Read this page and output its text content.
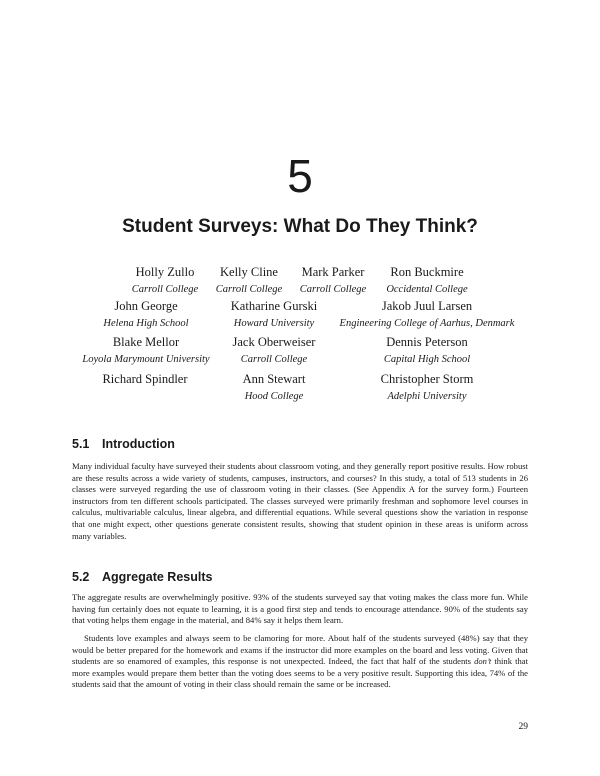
5
Student Surveys: What Do They Think?
Holly Zullo
Carroll College
Kelly Cline
Carroll College
Mark Parker
Carroll College
Ron Buckmire
Occidental College
John George
Helena High School
Katharine Gurski
Howard University
Jakob Juul Larsen
Engineering College of Aarhus, Denmark
Blake Mellor
Loyola Marymount University
Jack Oberweiser
Carroll College
Dennis Peterson
Capital High School
Richard Spindler	Ann Stewart
Hood College
Christopher Storm
Adelphi University
5.1 Introduction

Many individual faculty have surveyed their students about classroom voting, and they generally report positive results. How robust are these results across a wide variety of students, campuses, instructors, and courses? In this study, a total of 513 students in 26 classes were surveyed regarding the use of classroom voting in their classes. (See Appendix A for the survey form.) Fourteen instructors from ten different schools participated. The classes surveyed were primarily freshman and sophomore level courses in calculus, multivariable calculus, linear algebra, and differential equations. While several questions show the variation in response that one might expect, other questions generate consistent results, showing that student opinion in these areas is uniform across many variables.

5.2 Aggregate Results

The aggregate results are overwhelmingly positive. 93% of the students surveyed say that voting makes the class more fun. While having fun certainly does not equate to learning, it is a good first step and tends to encourage attendance. 90% of the students say that voting helps them engage in the material, and 84% say it helps them learn.

Students love examples and always seem to be clamoring for more. About half of the students surveyed (48%) say that they would be better prepared for the homework and exams if the instructor did more examples on the board and less voting. Given that students are so enamored of examples, this response is not unexpected. Indeed, the fact that half of the students don’t think that more examples would prepare them better than the voting does seems to be a very positive result. Supporting this idea, 74% of the students said that the amount of voting in their class should remain the same or be increased.

29
